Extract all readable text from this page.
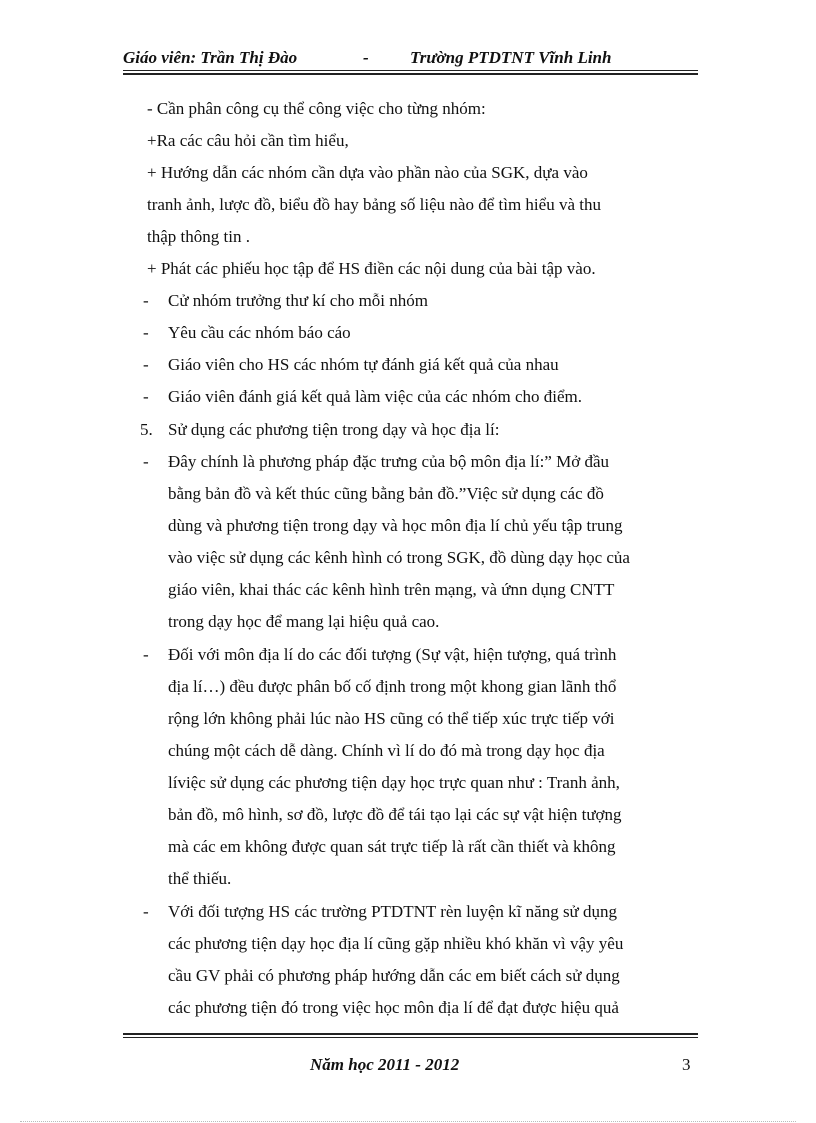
Giáo viên: Trần Thị Đào	- Trường PTDTNT Vĩnh Linh
- Cần phân công cụ thể công việc cho từng nhóm:
+Ra các câu hỏi cần tìm hiểu,
+ Hướng dẫn các nhóm cần dựa vào phần nào của SGK, dựa vào
tranh ảnh, lược đồ, biểu đồ hay bảng số liệu nào để tìm hiểu và thu
thập thông tin .
+ Phát các phiếu học tập để HS điền các nội dung của bài tập vào.
- Cử nhóm trưởng thư kí cho mỗi nhóm
- Yêu cầu các nhóm báo cáo
- Giáo viên cho HS các nhóm tự đánh giá kết quả của nhau
- Giáo viên đánh giá kết quả làm việc của các nhóm cho điểm.
5. Sử dụng các phương tiện trong dạy và học địa lí:
- Đây chính là phương pháp đặc trưng của bộ môn địa lí:” Mở đầu
bằng bản đồ và kết thúc cũng bằng bản đồ.”Việc sử dụng các đồ
dùng và phương tiện trong dạy và học môn địa lí chủ yếu tập trung
vào việc sử dụng các kênh hình có trong SGK, đồ dùng dạy học của
giáo viên, khai thác các kênh hình trên mạng, và ứnn dụng CNTT
trong dạy học để mang lại hiệu quả cao.
- Đối với môn địa lí do các đối tượng (Sự vật, hiện tượng, quá trình
địa lí…) đều được phân bố cố định trong một khong gian lãnh thổ
rộng lớn không phải lúc nào HS cũng có thể tiếp xúc trực tiếp với
chúng một cách dễ dàng. Chính vì lí do đó mà trong dạy học địa
líviệc sử dụng các phương tiện dạy học trực quan như : Tranh ảnh,
bản đồ, mô hình, sơ đồ, lược đồ để tái tạo lại các sự vật hiện tượng
mà các em không được quan sát trực tiếp là rất cần thiết và không
thể thiếu.
- Với đối tượng HS các trường PTDTNT rèn luyện kĩ năng sử dụng
các phương tiện dạy học địa lí cũng gặp nhiều khó khăn vì vậy yêu
cầu GV phải có phương pháp hướng dẫn các em biết cách sử dụng
các phương tiện đó trong việc học môn địa lí để đạt được hiệu quả
Năm học 2011 - 2012	3
